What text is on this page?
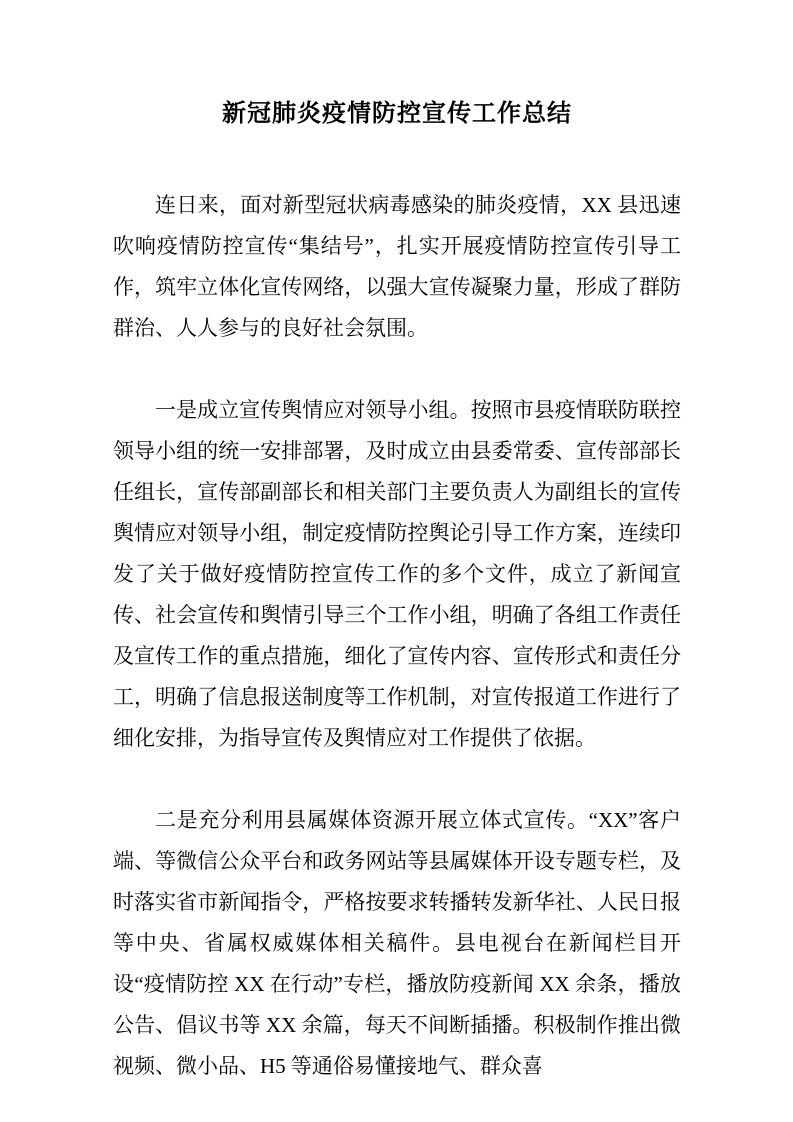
新冠肺炎疫情防控宣传工作总结

连日来，面对新型冠状病毒感染的肺炎疫情，XX 县迅速吹响疫情防控宣传“集结号”，扎实开展疫情防控宣传引导工作，筑牢立体化宣传网络，以强大宣传凝聚力量，形成了群防群治、人人参与的良好社会氛围。

一是成立宣传舆情应对领导小组。按照市县疫情联防联控领导小组的统一安排部署，及时成立由县委常委、宣传部部长任组长，宣传部副部长和相关部门主要负责人为副组长的宣传舆情应对领导小组，制定疫情防控舆论引导工作方案，连续印发了关于做好疫情防控宣传工作的多个文件，成立了新闻宣传、社会宣传和舆情引导三个工作小组，明确了各组工作责任及宣传工作的重点措施，细化了宣传内容、宣传形式和责任分工，明确了信息报送制度等工作机制，对宣传报道工作进行了细化安排，为指导宣传及舆情应对工作提供了依据。

二是充分利用县属媒体资源开展立体式宣传。“XX”客户端、等微信公众平台和政务网站等县属媒体开设专题专栏，及时落实省市新闻指令，严格按要求转播转发新华社、人民日报等中央、省属权威媒体相关稿件。县电视台在新闻栏目开设“疫情防控 XX 在行动”专栏，播放防疫新闻 XX 余条，播放公告、倡议书等 XX 余篇，每天不间断插播。积极制作推出微视频、微小品、H5 等通俗易懂接地气、群众喜
